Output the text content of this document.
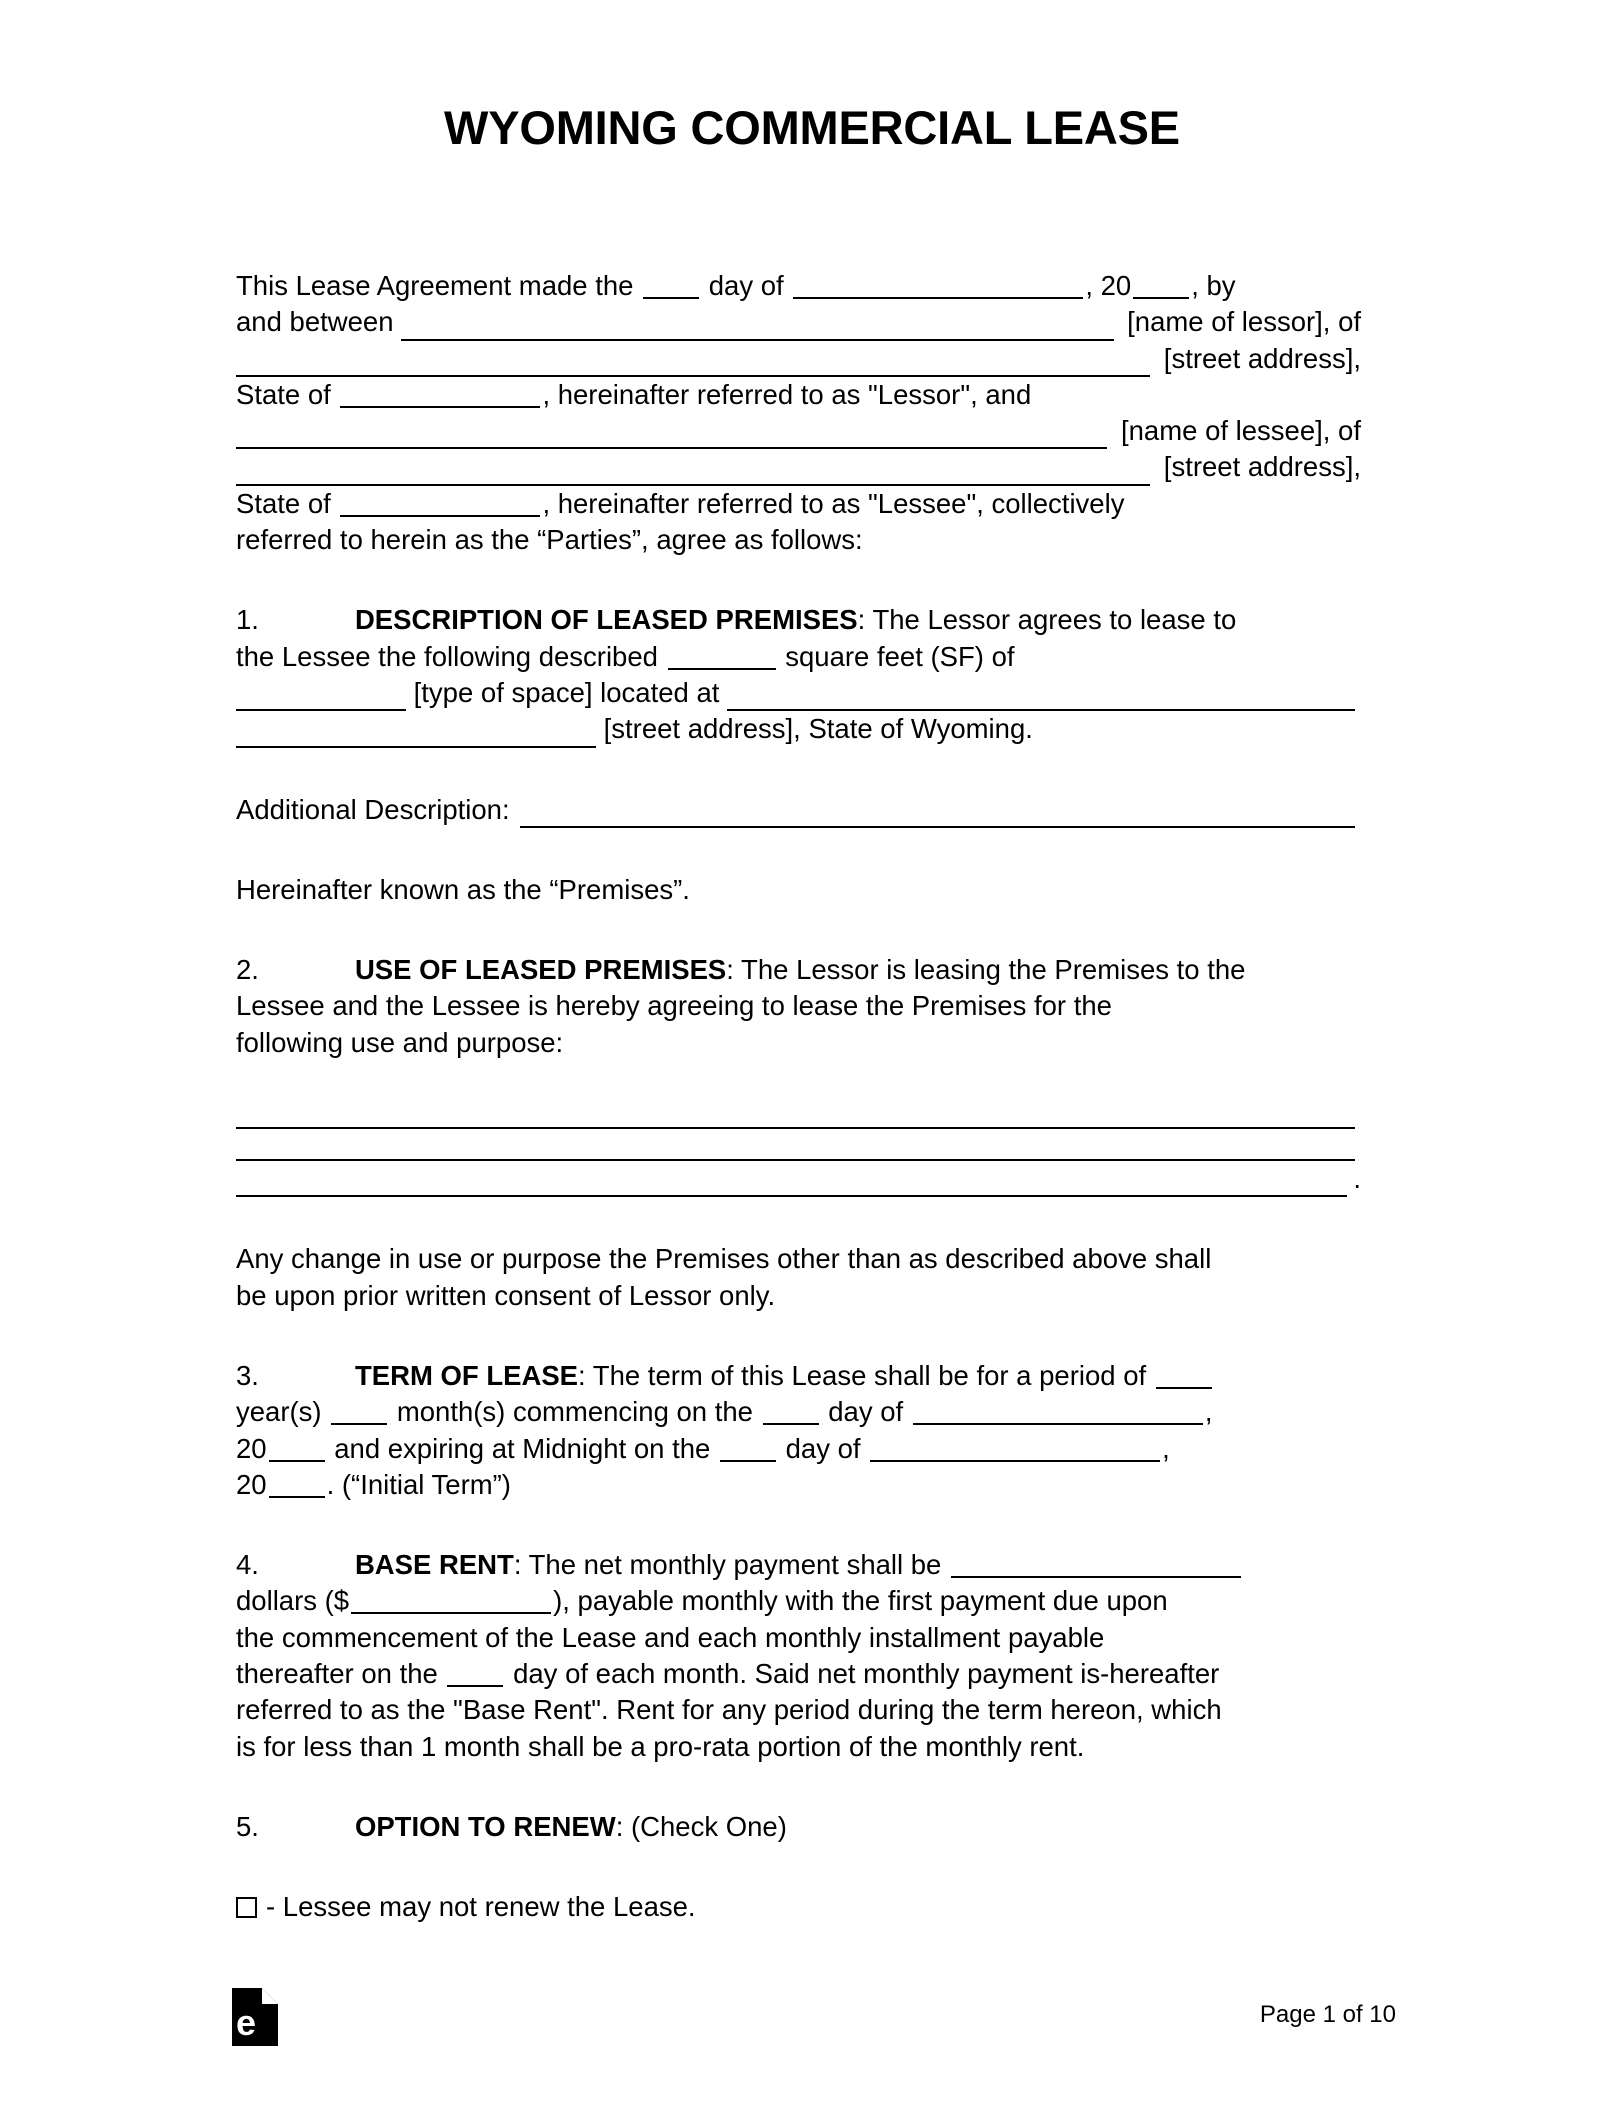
WYOMING COMMERCIAL LEASE

This Lease Agreement made the  day of	, 20 , by

and between	[name of lessor], of
[street address],

State of	, hereinafter referred to as "Lessor", and

[name of lessee], of
[street address],

State of	, hereinafter referred to as "Lessee", collectively

referred to herein as the “Parties”, agree as follows:

1.	DESCRIPTION OF LEASED PREMISES: The Lessor agrees to lease to

the Lessee the following described	square feet (SF) of

[type of space] located at
[street address], State of Wyoming.
Additional Description:

Hereinafter known as the “Premises”.

2.	USE OF LEASED PREMISES: The Lessor is leasing the Premises to the

Lessee and the Lessee is hereby agreeing to lease the Premises for the

following use and purpose:

.

Any change in use or purpose the Premises other than as described above shall

be upon prior written consent of Lessor only.

3.	TERM OF LEASE: The term of this Lease shall be for a period of

year(s)  month(s) commencing on the  day of	,

20 and expiring at Midnight on the  day of	,

20 . (“Initial Term”)

4.	BASE RENT: The net monthly payment shall be

dollars ($	), payable monthly with the first payment due upon

the commencement of the Lease and each monthly installment payable

thereafter on the  day of each month. Said net monthly payment is-hereafter

referred to as the "Base Rent". Rent for any period during the term hereon, which

is for less than 1 month shall be a pro-rata portion of the monthly rent.

5.	OPTION TO RENEW: (Check One)

- Lessee may not renew the Lease.
e	Page 1 of 10
